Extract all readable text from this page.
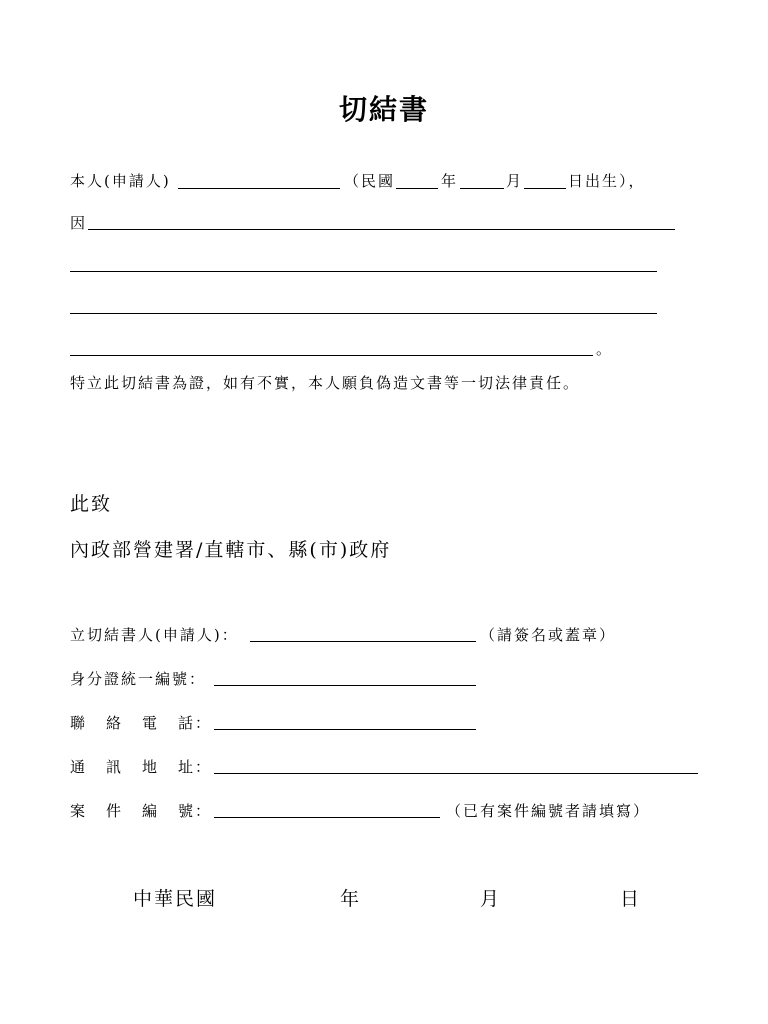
切結書
本人(申請人)	（民國	年	月	日出生），
因
。
特立此切結書為證，如有不實，本人願負偽造文書等一切法律責任。
此致
內政部營建署/直轄市、縣(市)政府
立切結書人(申請人)：	（請簽名或蓋章）
身分證統一編號：
聯 絡 電 話：
通 訊 地 址：
案 件 編 號：	（已有案件編號者請填寫）
中華民國	年	月	日
